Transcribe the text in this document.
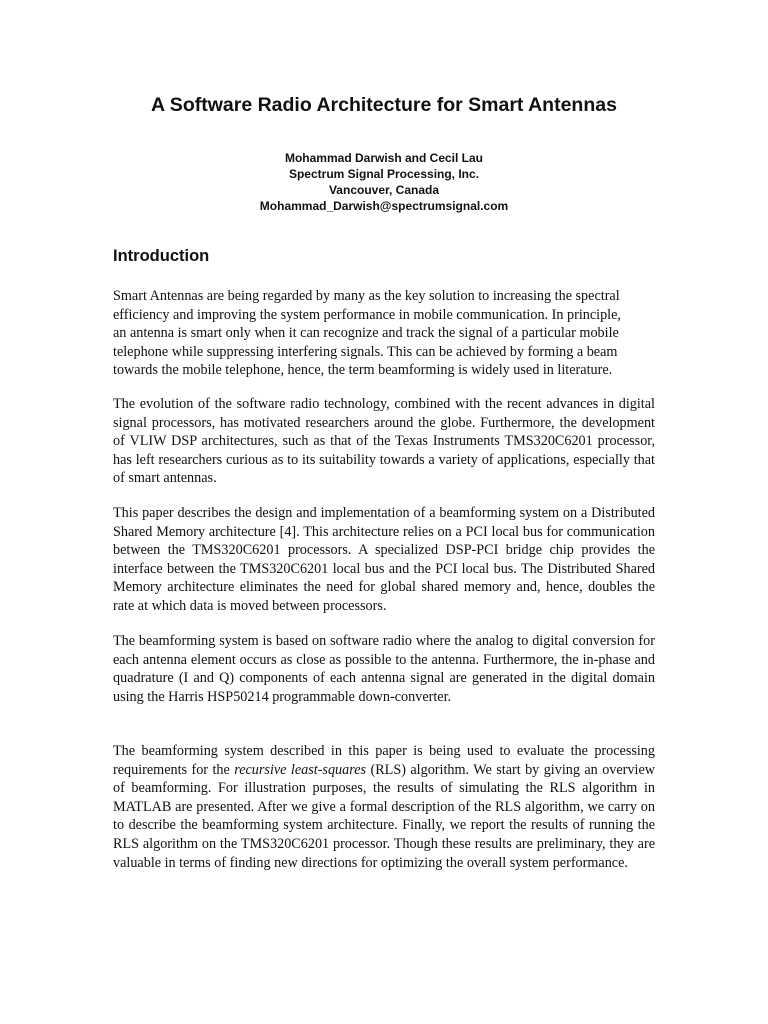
A Software Radio Architecture for Smart Antennas
Mohammad Darwish and Cecil Lau
Spectrum Signal Processing, Inc.
Vancouver, Canada
Mohammad_Darwish@spectrumsignal.com
Introduction
Smart Antennas are being regarded by many as the key solution to increasing the spectral
efficiency and improving the system performance in mobile communication. In principle,
an antenna is smart only when it can recognize and track the signal of a particular mobile
telephone while suppressing interfering signals. This can be achieved by forming a beam
towards the mobile telephone, hence, the term beamforming is widely used in literature.

The evolution of the software radio technology, combined with the recent advances in digital signal processors, has motivated researchers around the globe. Furthermore, the development of VLIW DSP architectures, such as that of the Texas Instruments TMS320C6201 processor, has left researchers curious as to its suitability towards a variety of applications, especially that of smart antennas.

This paper describes the design and implementation of a beamforming system on a Distributed Shared Memory architecture [4]. This architecture relies on a PCI local bus for communication between the TMS320C6201 processors. A specialized DSP-PCI bridge chip provides the interface between the TMS320C6201 local bus and the PCI local bus. The Distributed Shared Memory architecture eliminates the need for global shared memory and, hence, doubles the rate at which data is moved between processors.

The beamforming system is based on software radio where the analog to digital conversion for each antenna element occurs as close as possible to the antenna. Furthermore, the in-phase and quadrature (I and Q) components of each antenna signal are generated in the digital domain using the Harris HSP50214 programmable down-converter.

The beamforming system described in this paper is being used to evaluate the processing requirements for the recursive least-squares (RLS) algorithm. We start by giving an overview of beamforming. For illustration purposes, the results of simulating the RLS algorithm in MATLAB are presented. After we give a formal description of the RLS algorithm, we carry on to describe the beamforming system architecture. Finally, we report the results of running the RLS algorithm on the TMS320C6201 processor. Though these results are preliminary, they are valuable in terms of finding new directions for optimizing the overall system performance.
